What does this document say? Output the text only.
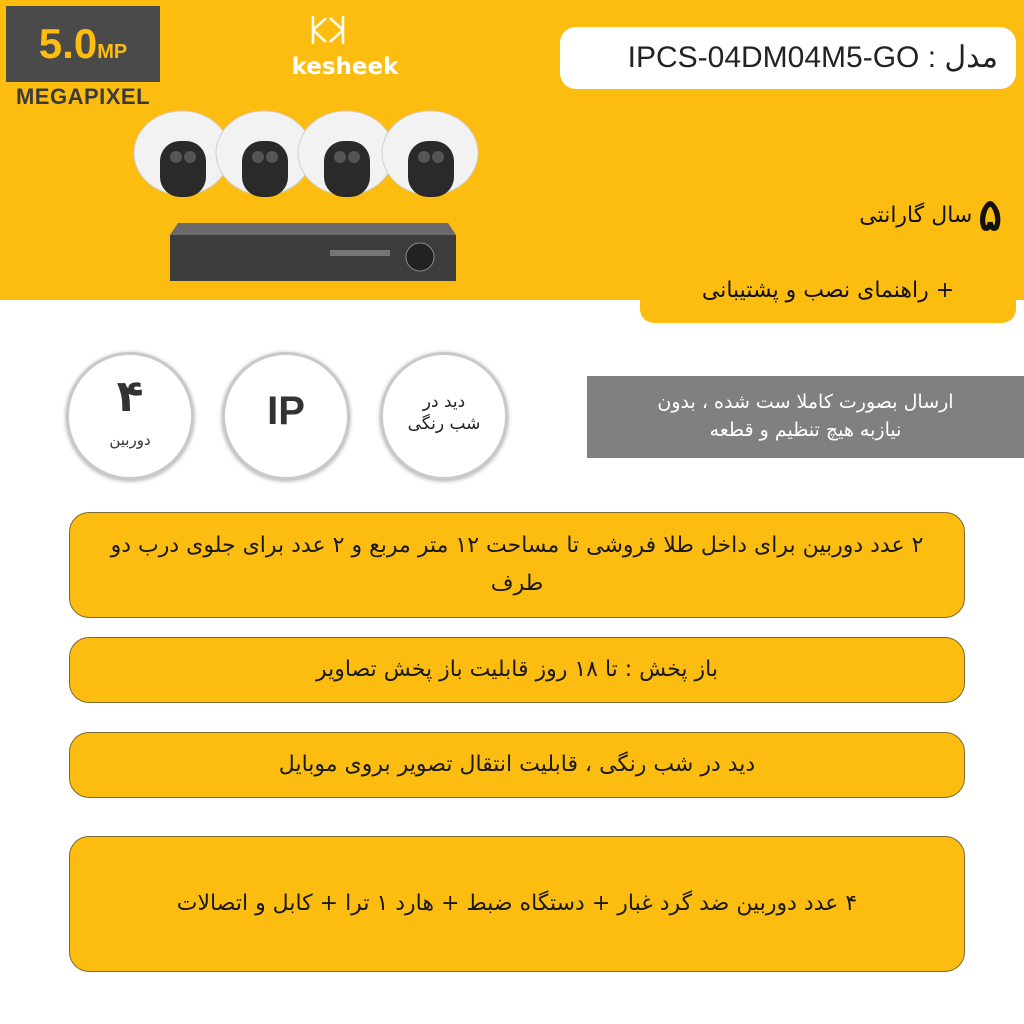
5.0MP
MEGAPIXEL
kesheek	IPCS-04DM04M5-GO : مدل
۵
سال گارانتی
+ راهنمای نصب و پشتیبانی
۴
دوربین
IP	دید در
شب رنگی
ارسال بصورت کاملا ست شده ، بدون
نیازبه هیچ تنظیم و قطعه
۲ عدد دوربین برای داخل طلا فروشی تا مساحت ۱۲ متر مربع و ۲ عدد برای جلوی درب دو طرف
باز پخش : تا ۱۸ روز قابلیت باز پخش تصاویر
دید در شب رنگی ، قابلیت انتقال تصویر بروی موبایل
۴ عدد دوربین ضد گرد غبار + دستگاه ضبط + هارد ۱ ترا + کابل و اتصالات
